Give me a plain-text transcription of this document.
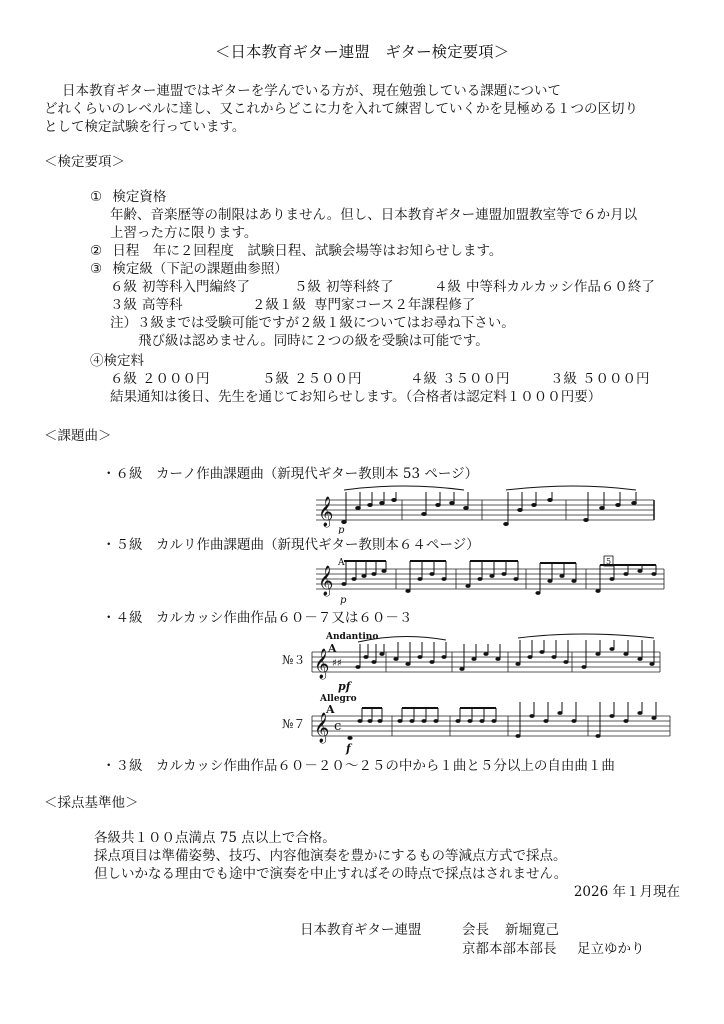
＜日本教育ギター連盟　ギター検定要項＞
日本教育ギター連盟ではギターを学んでいる方が、現在勉強している課題について
どれくらいのレベルに達し、又これからどこに力を入れて練習していくかを見極める１つの区切り
として検定試験を行っています。
＜検定要項＞
① 検定資格
年齢、音楽歴等の制限はありません。但し、日本教育ギター連盟加盟教室等で６か月以
上習った方に限ります。
② 日程　年に２回程度　試験日程、試験会場等はお知らせします。
③ 検定級（下記の課題曲参照）
６級 初等科入門編終了	５級 初等科終了	４級 中等科カルカッシ作品６０終了
３級 高等科	２級１級 専門家コース２年課程修了
注）３級までは受験可能ですが２級１級についてはお尋ね下さい。
飛び級は認めません。同時に２つの級を受験は可能です。
④検定料
６級 ２０００円	５級 ２５００円	４級 ３５００円	３級 ５０００円
結果通知は後日、先生を通じてお知らせします。（合格者は認定料１０００円要）
＜課題曲＞
・６級　カーノ作曲課題曲（新現代ギター教則本 53 ページ）
𝄞
p
・５級　カルリ作曲課題曲（新現代ギター教則本６４ページ）
𝄞
A	5
p
・４級　カルカッシ作曲作品６０－７又は６０－３
№３
Andantino
A
𝄞 ♯♯
pf
№７
Allegro
A
𝄞 c
f
・３級　カルカッシ作曲作品６０－２０～２５の中から１曲と５分以上の自由曲１曲
＜採点基準他＞
各級共１００点満点 75 点以上で合格。
採点項目は準備姿勢、技巧、内容他演奏を豊かにするもの等減点方式で採点。
但しいかなる理由でも途中で演奏を中止すればその時点で採点はされません。
2026 年１月現在
日本教育ギター連盟	会長 新堀寛己
京都本部本部長 足立ゆかり
